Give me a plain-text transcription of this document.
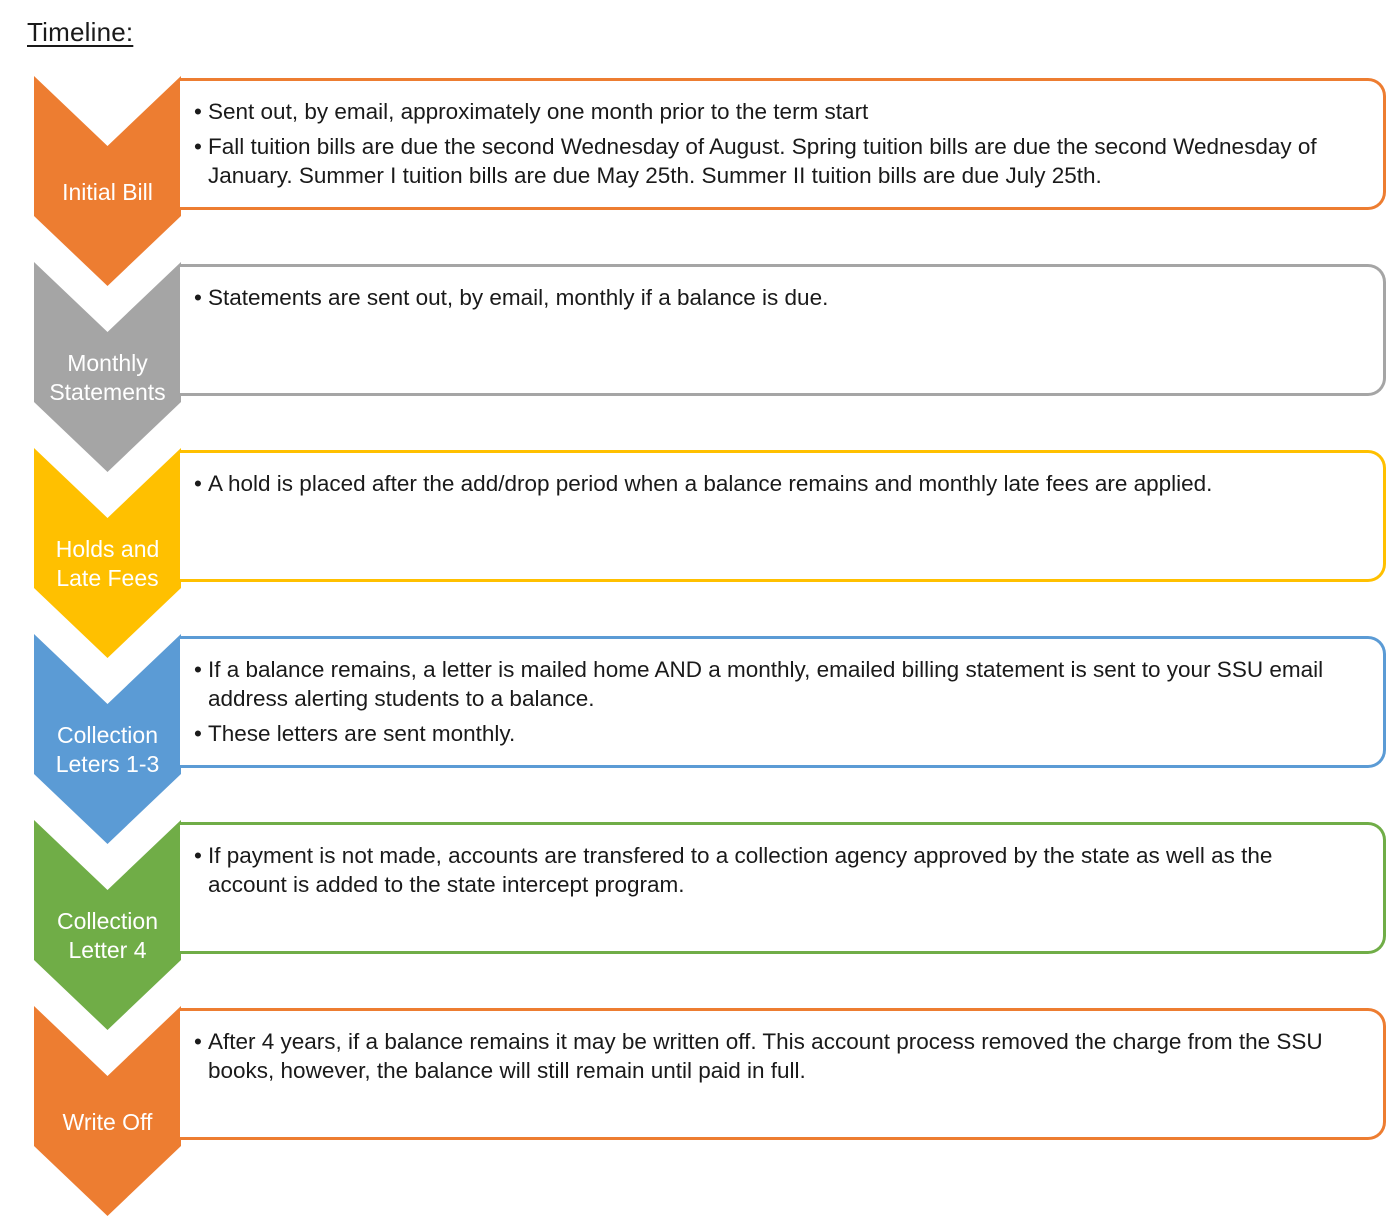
Timeline:
Initial Bill
• Sent out, by email, approximately one month prior to the term start
• Fall tuition bills are due the second Wednesday of August. Spring tuition bills are due the second Wednesday of January. Summer I tuition bills are due May 25th. Summer II tuition bills are due July 25th.
Monthly
Statements
• Statements are sent out, by email, monthly if a balance is due.
Holds and
Late Fees
• A hold is placed after the add/drop period when a balance remains and monthly late fees are applied.
Collection
Leters 1-3
• If a balance remains, a letter is mailed home AND a monthly, emailed billing statement is sent to your SSU email address alerting students to a balance.
• These letters are sent monthly.
Collection
Letter 4
• If payment is not made, accounts are transfered to a collection agency approved by the state as well as the account is added to the state intercept program.
Write Off
• After 4 years, if a balance remains it may be written off. This account process removed the charge from the SSU books, however, the balance will still remain until paid in full.
